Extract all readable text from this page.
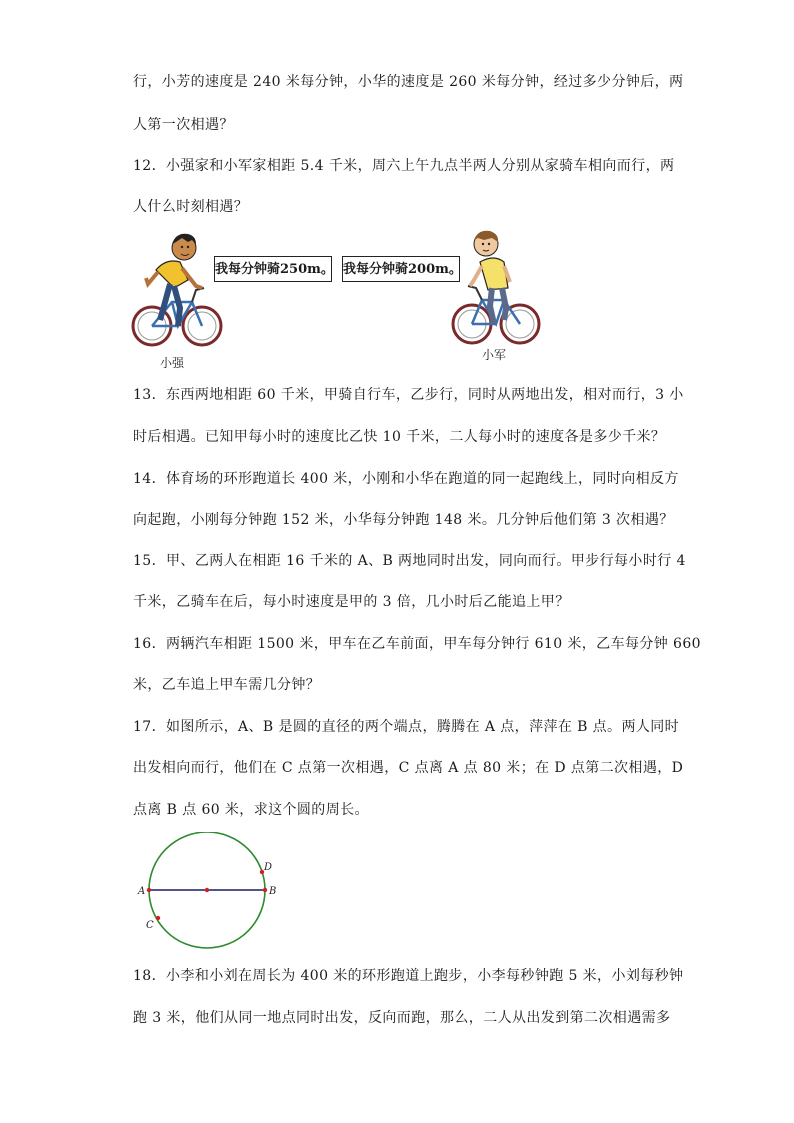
行，小芳的速度是 240 米每分钟，小华的速度是 260 米每分钟，经过多少分钟后，两
人第一次相遇？
12．小强家和小军家相距 5.4 千米，周六上午九点半两人分别从家骑车相向而行，两
人什么时刻相遇？
我每分钟骑250m。 我每分钟骑200m。
小强
小军
13．东西两地相距 60 千米，甲骑自行车，乙步行，同时从两地出发，相对而行，3 小
时后相遇。已知甲每小时的速度比乙快 10 千米，二人每小时的速度各是多少千米？
14．体育场的环形跑道长 400 米，小刚和小华在跑道的同一起跑线上，同时向相反方
向起跑，小刚每分钟跑 152 米，小华每分钟跑 148 米。几分钟后他们第 3 次相遇？
15．甲、乙两人在相距 16 千米的 A、B 两地同时出发，同向而行。甲步行每小时行 4
千米，乙骑车在后，每小时速度是甲的 3 倍，几小时后乙能追上甲？
16．两辆汽车相距 1500 米，甲车在乙车前面，甲车每分钟行 610 米，乙车每分钟 660
米，乙车追上甲车需几分钟？
17．如图所示，A、B 是圆的直径的两个端点，腾腾在 A 点，萍萍在 B 点。两人同时
出发相向而行，他们在 C 点第一次相遇，C 点离 A 点 80 米；在 D 点第二次相遇，D
点离 B 点 60 米，求这个圆的周长。
A	B
D
C
18．小李和小刘在周长为 400 米的环形跑道上跑步，小李每秒钟跑 5 米，小刘每秒钟
跑 3 米，他们从同一地点同时出发，反向而跑，那么，二人从出发到第二次相遇需多
